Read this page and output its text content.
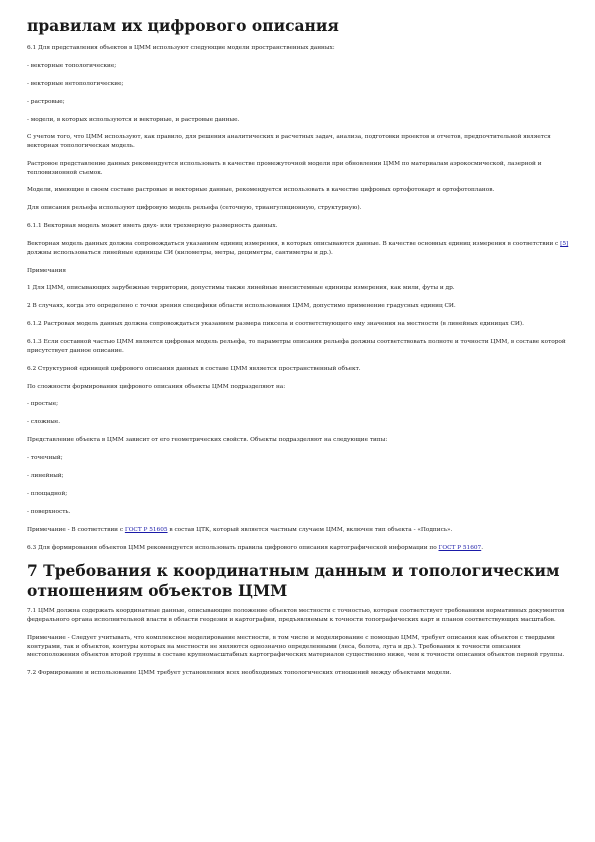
правилам их цифрового описания

6.1 Для представления объектов в ЦММ используют следующие модели пространственных данных:

- векторные топологические;

- векторные нетопологические;

- растровые;

- модели, в которых используются и векторные, и растровые данные.

С учетом того, что ЦММ используют, как правило, для решения аналитических и расчетных задач, анализа, подготовки проектов и отчетов, предпочтительной является векторная топологическая модель.

Растровое представление данных рекомендуется использовать в качестве промежуточной модели при обновлении ЦММ по материалам аэрокосмической, лазерной и тепловизионной съемок.

Модели, имеющие в своем составе растровые и векторные данные, рекомендуется использовать в качестве цифровых ортофотокарт и ортофотопланов.

Для описания рельефа используют цифровую модель рельефа (сеточную, триангуляционную, структурную).

6.1.1 Векторная модель может иметь двух- или трехмерную размерность данных.

Векторная модель данных должна сопровождаться указанием единиц измерения, в которых описываются данные. В качестве основных единиц измерения в соответствии с [5] должны использоваться линейные единицы СИ (километры, метры, дециметры, сантиметры и др.).

Примечания

1 Для ЦММ, описывающих зарубежные территории, допустимы также линейные внесистемные единицы измерения, как мили, футы и др.

2 В случаях, когда это определено с точки зрения специфики области использования ЦММ, допустимо применение градусных единиц СИ.

6.1.2 Растровая модель данных должна сопровождаться указанием размера пиксела и соответствующего ему значения на местности (в линейных единицах СИ).

6.1.3 Если составной частью ЦММ является цифровая модель рельефа, то параметры описания рельефа должны соответствовать полноте и точности ЦММ, в составе которой присутствует данное описание.

6.2 Структурной единицей цифрового описания данных в составе ЦММ является пространственный объект.

По сложности формирования цифрового описания объекты ЦММ подразделяют на:

- простые;

- сложные.

Представление объекта в ЦММ зависит от его геометрических свойств. Объекты подразделяют на следующие типы:

- точечный;

- линейный;

- площадной;

- поверхность.

Примечание - В соответствии с ГОСТ Р 51605 в состав ЦТК, который является частным случаем ЦММ, включен тип объекта - «Подпись».

6.3 Для формирования объектов ЦММ рекомендуется использовать правила цифрового описания картографической информации по ГОСТ Р 51607.

7 Требования к координатным данным и топологическим отношениям объектов ЦММ

7.1 ЦММ должна содержать координатные данные, описывающие положение объектов местности с точностью, которая соответствует требованиям нормативных документов федерального органа исполнительной власти в области геодезии и картографии, предъявляемым к точности топографических карт и планов соответствующих масштабов.

Примечание - Следует учитывать, что комплексное моделирование местности, в том числе и моделирование с помощью ЦММ, требует описания как объектов с твердыми контурами, так и объектов, контуры которых на местности не являются однозначно определенными (леса, болота, луга и др.). Требования к точности описания местоположения объектов второй группы в составе крупномасштабных картографических материалов существенно ниже, чем к точности описания объектов первой группы.

7.2 Формирование и использование ЦММ требует установления всех необходимых топологических отношений между объектами модели.
